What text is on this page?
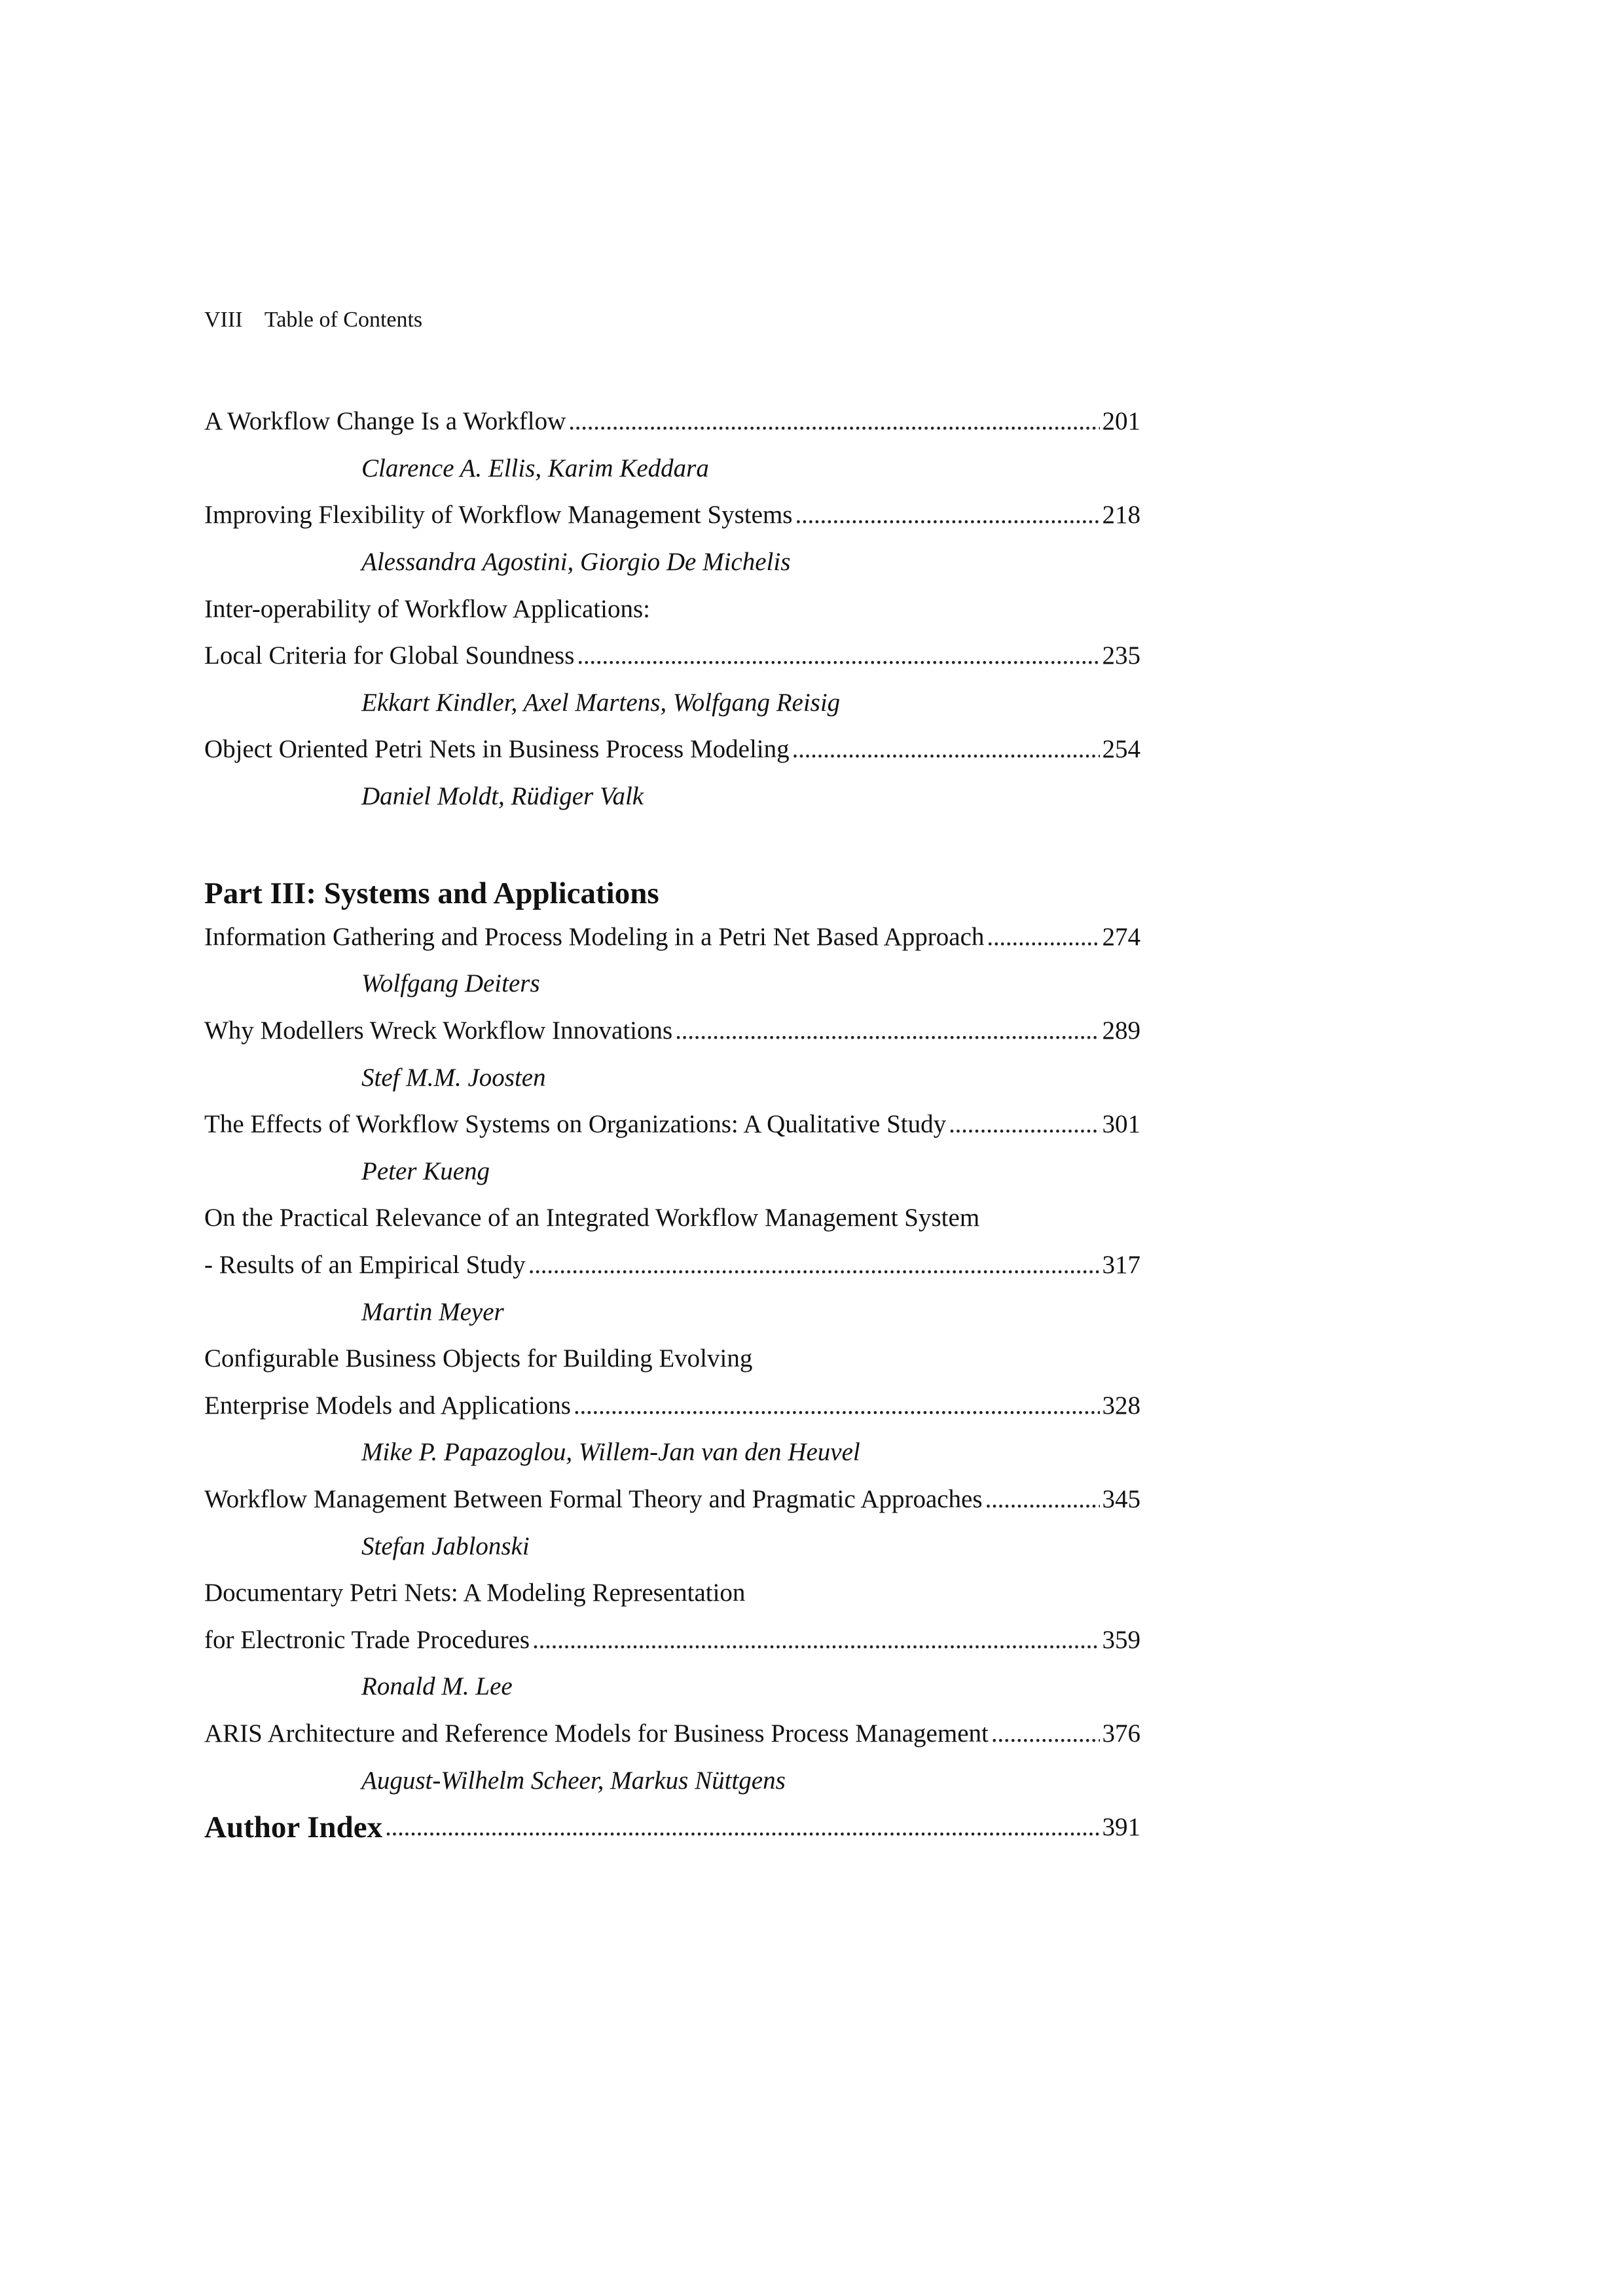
VIII Table of Contents
A Workflow Change Is a Workflow . . .	201
Clarence A. Ellis, Karim Keddara
Improving Flexibility of Workflow Management Systems . . .	218
Alessandra Agostini, Giorgio De Michelis
Inter-operability of Workflow Applications:
Local Criteria for Global Soundness . . .	235
Ekkart Kindler, Axel Martens, Wolfgang Reisig
Object Oriented Petri Nets in Business Process Modeling . . .	254
Daniel Moldt, Rüdiger Valk
Part III: Systems and Applications
Information Gathering and Process Modeling in a Petri Net Based Approach . . .	274
Wolfgang Deiters
Why Modellers Wreck Workflow Innovations . . .	289
Stef M.M. Joosten
The Effects of Workflow Systems on Organizations: A Qualitative Study . . .	301
Peter Kueng
On the Practical Relevance of an Integrated Workflow Management System
- Results of an Empirical Study . . .	317
Martin Meyer
Configurable Business Objects for Building Evolving
Enterprise Models and Applications . . .	328
Mike P. Papazoglou, Willem-Jan van den Heuvel
Workflow Management Between Formal Theory and Pragmatic Approaches . . .	345
Stefan Jablonski
Documentary Petri Nets: A Modeling Representation
for Electronic Trade Procedures . . .	359
Ronald M. Lee
ARIS Architecture and Reference Models for Business Process Management . . .	376
August-Wilhelm Scheer, Markus Nüttgens
Author Index . . .	391
